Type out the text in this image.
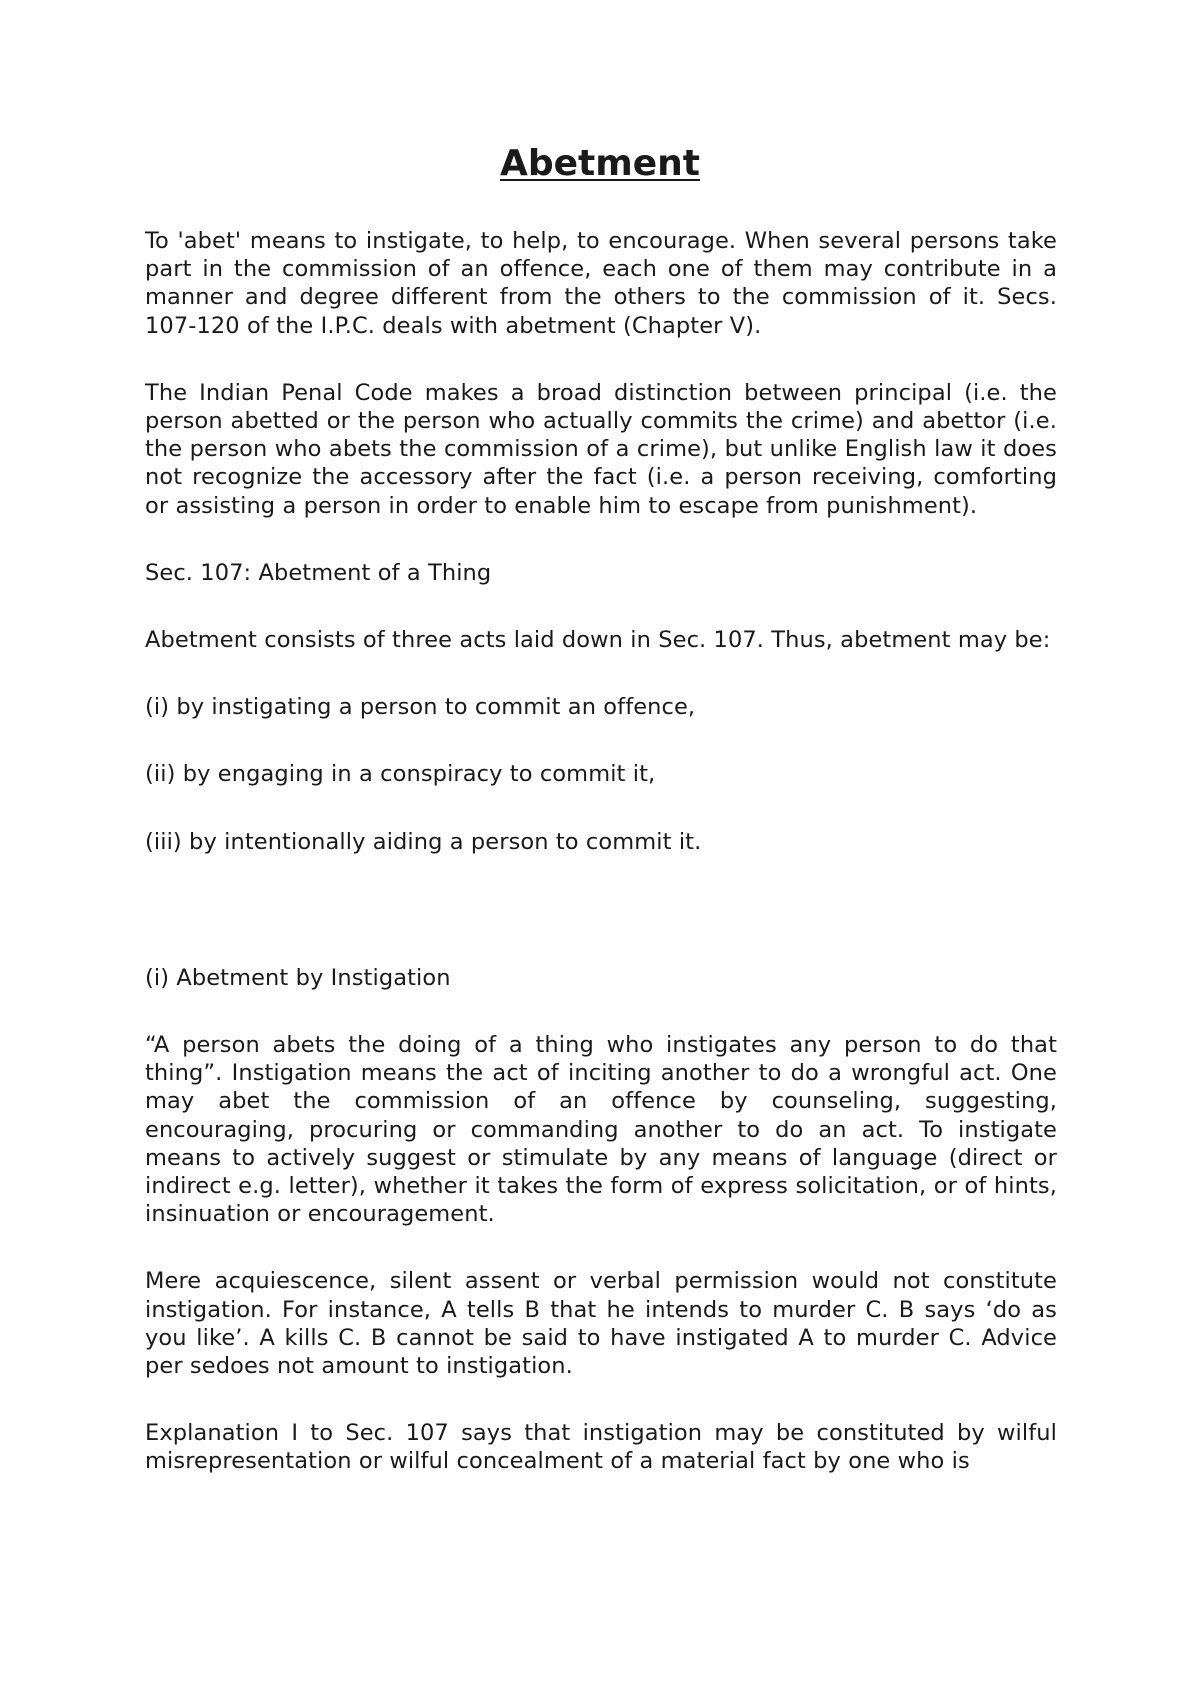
Abetment

To 'abet' means to instigate, to help, to encourage. When several persons take part in the commission of an offence, each one of them may contribute in a manner and degree different from the others to the commission of it. Secs. 107-120 of the I.P.C. deals with abetment (Chapter V).

The Indian Penal Code makes a broad distinction between principal (i.e. the person abetted or the person who actually commits the crime) and abettor (i.e. the person who abets the commission of a crime), but unlike English law it does not recognize the accessory after the fact (i.e. a person receiving, comforting or assisting a person in order to enable him to escape from punishment).

Sec. 107: Abetment of a Thing

Abetment consists of three acts laid down in Sec. 107. Thus, abetment may be:

(i) by instigating a person to commit an offence,

(ii) by engaging in a conspiracy to commit it,

(iii) by intentionally aiding a person to commit it.

(i) Abetment by Instigation

“A person abets the doing of a thing who instigates any person to do that thing”. Instigation means the act of inciting another to do a wrongful act. One may abet the commission of an offence by counseling, suggesting, encouraging, procuring or commanding another to do an act. To instigate means to actively suggest or stimulate by any means of language (direct or indirect e.g. letter), whether it takes the form of express solicitation, or of hints, insinuation or encouragement.

Mere acquiescence, silent assent or verbal permission would not constitute instigation. For instance, A tells B that he intends to murder C. B says ‘do as you like’. A kills C. B cannot be said to have instigated A to murder C. Advice per sedoes not amount to instigation.

Explanation I to Sec. 107 says that instigation may be constituted by wilful misrepresentation or wilful concealment of a material fact by one who is
